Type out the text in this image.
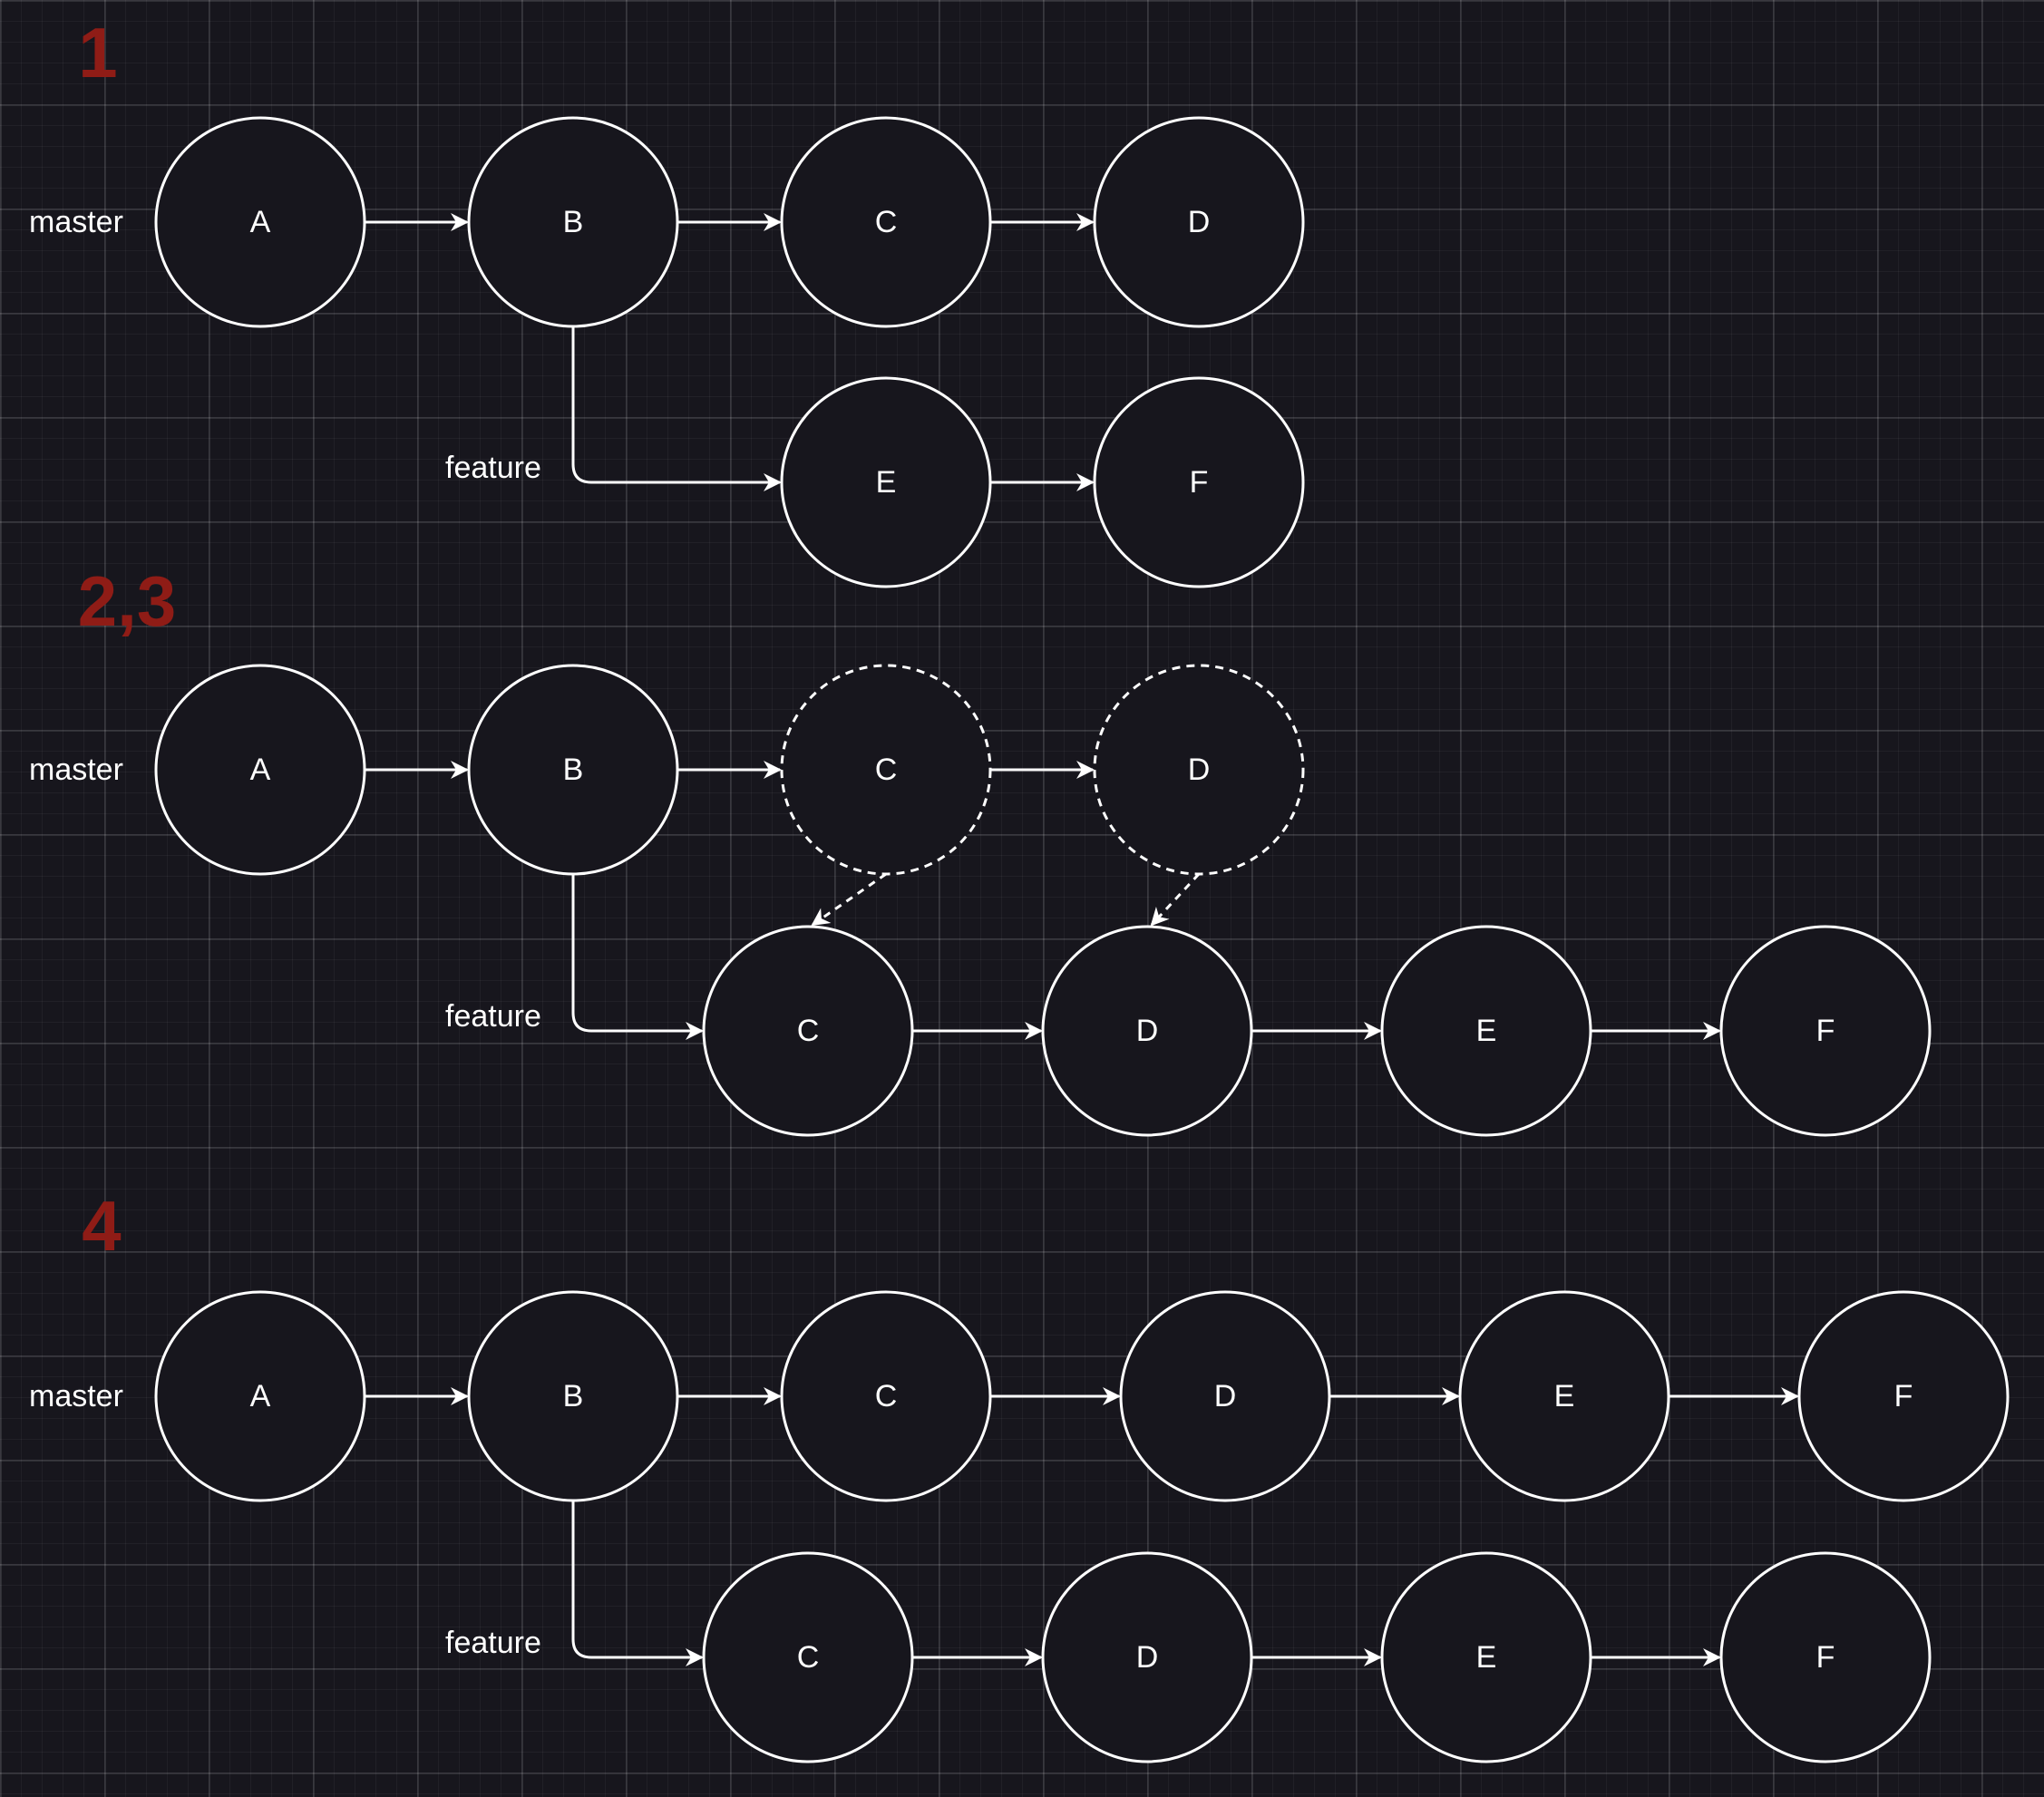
1
master
feature
A	B	C	D
E	F
2,3
master
feature
A	B	C	D
C	D	E	F
4
master
feature
A	B	C	D	E	F
C	D	E	F
